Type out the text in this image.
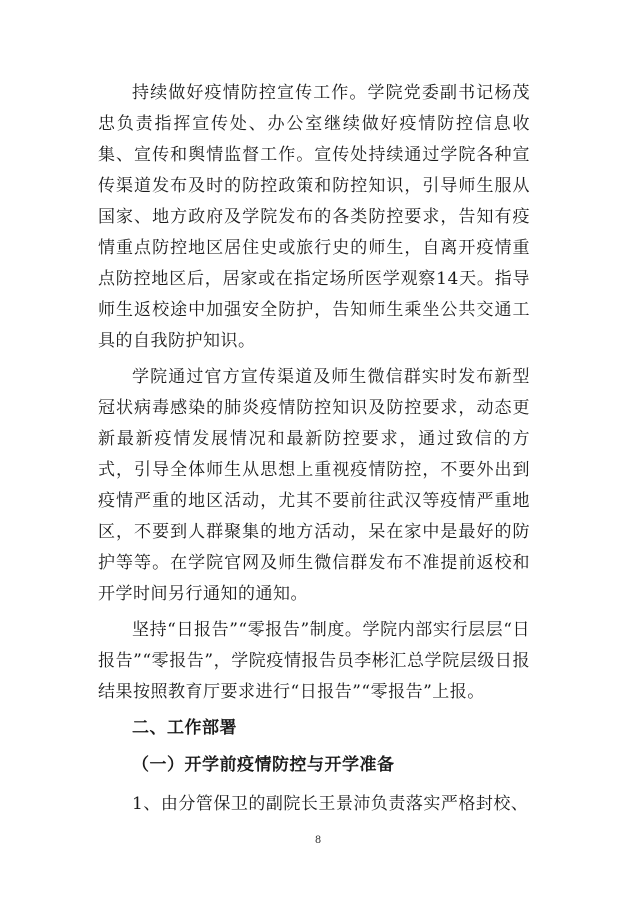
持续做好疫情防控宣传工作。学院党委副书记杨茂忠负责指挥宣传处、办公室继续做好疫情防控信息收集、宣传和舆情监督工作。宣传处持续通过学院各种宣传渠道发布及时的防控政策和防控知识，引导师生服从国家、地方政府及学院发布的各类防控要求，告知有疫情重点防控地区居住史或旅行史的师生，自离开疫情重点防控地区后，居家或在指定场所医学观察14天。指导师生返校途中加强安全防护，告知师生乘坐公共交通工具的自我防护知识。

学院通过官方宣传渠道及师生微信群实时发布新型冠状病毒感染的肺炎疫情防控知识及防控要求，动态更新最新疫情发展情况和最新防控要求，通过致信的方式，引导全体师生从思想上重视疫情防控，不要外出到疫情严重的地区活动，尤其不要前往武汉等疫情严重地区，不要到人群聚集的地方活动，呆在家中是最好的防护等等。在学院官网及师生微信群发布不准提前返校和开学时间另行通知的通知。

坚持“日报告”“零报告”制度。学院内部实行层层“日报告”“零报告”，学院疫情报告员李彬汇总学院层级日报结果按照教育厅要求进行“日报告”“零报告”上报。

二、工作部署
（一）开学前疫情防控与开学准备

1、由分管保卫的副院长王景沛负责落实严格封校、

8
